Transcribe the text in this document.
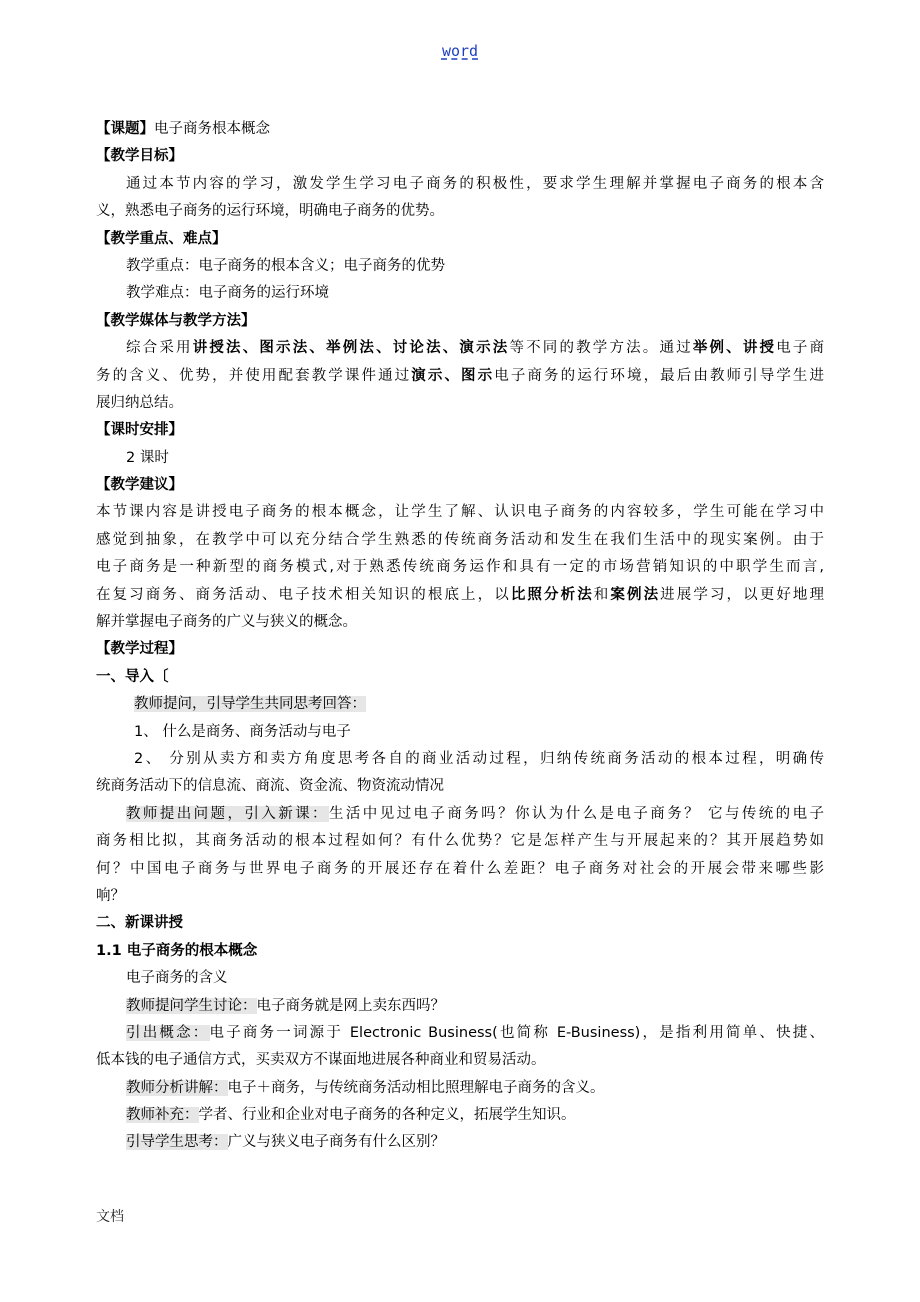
word
【课题】电子商务根本概念
【教学目标】
通过本节内容的学习，激发学生学习电子商务的积极性，要求学生理解并掌握电子商务的根本含
义，熟悉电子商务的运行环境，明确电子商务的优势。
【教学重点、难点】
教学重点：电子商务的根本含义；电子商务的优势
教学难点：电子商务的运行环境
【教学媒体与教学方法】
综合采用讲授法、图示法、举例法、讨论法、演示法等不同的教学方法。通过举例、讲授电子商
务的含义、优势，并使用配套教学课件通过演示、图示电子商务的运行环境，最后由教师引导学生进
展归纳总结。
【课时安排】
2 课时
【教学建议】
本节课内容是讲授电子商务的根本概念，让学生了解、认识电子商务的内容较多，学生可能在学习中
感觉到抽象，在教学中可以充分结合学生熟悉的传统商务活动和发生在我们生活中的现实案例。由于
电子商务是一种新型的商务模式,对于熟悉传统商务运作和具有一定的市场营销知识的中职学生而言,
在复习商务、商务活动、电子技术相关知识的根底上，以比照分析法和案例法进展学习，以更好地理
解并掌握电子商务的广义与狭义的概念。
【教学过程】
一、导入〔
教师提问，引导学生共同思考回答：
1、 什么是商务、商务活动与电子
2、 分别从卖方和卖方角度思考各自的商业活动过程，归纳传统商务活动的根本过程，明确传
统商务活动下的信息流、商流、资金流、物资流动情况
教师提出问题，引入新课：生活中见过电子商务吗？你认为什么是电子商务？ 它与传统的电子
商务相比拟，其商务活动的根本过程如何？有什么优势？它是怎样产生与开展起来的？其开展趋势如
何？中国电子商务与世界电子商务的开展还存在着什么差距？电子商务对社会的开展会带来哪些影
响？
二、新课讲授
1.1 电子商务的根本概念
电子商务的含义
教师提问学生讨论：电子商务就是网上卖东西吗？
引出概念：电子商务一词源于 Electronic Business(也简称 E-Business)，是指利用简单、快捷、
低本钱的电子通信方式，买卖双方不谋面地进展各种商业和贸易活动。
教师分析讲解：电子＋商务，与传统商务活动相比照理解电子商务的含义。
教师补充：学者、行业和企业对电子商务的各种定义，拓展学生知识。
引导学生思考：广义与狭义电子商务有什么区别？
文档
